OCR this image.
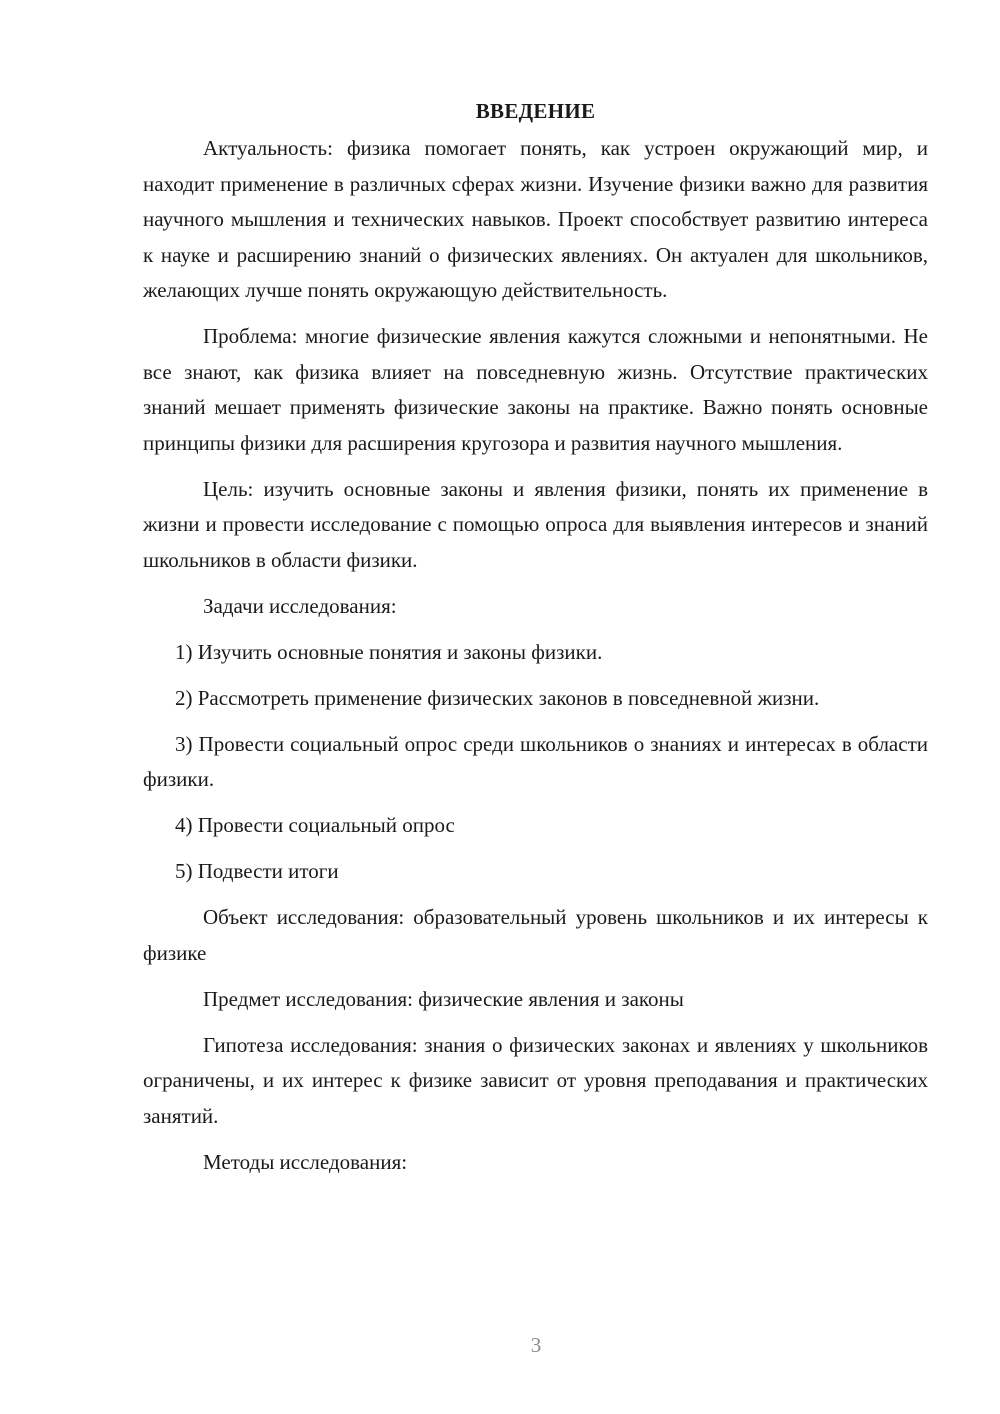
ВВЕДЕНИЕ

Актуальность: физика помогает понять, как устроен окружающий мир, и находит применение в различных сферах жизни. Изучение физики важно для развития научного мышления и технических навыков. Проект способствует развитию интереса к науке и расширению знаний о физических явлениях. Он актуален для школьников, желающих лучше понять окружающую действительность.

Проблема: многие физические явления кажутся сложными и непонятными. Не все знают, как физика влияет на повседневную жизнь. Отсутствие практических знаний мешает применять физические законы на практике. Важно понять основные принципы физики для расширения кругозора и развития научного мышления.

Цель: изучить основные законы и явления физики, понять их применение в жизни и провести исследование с помощью опроса для выявления интересов и знаний школьников в области физики.

Задачи исследования:

1) Изучить основные понятия и законы физики.

2) Рассмотреть применение физических законов в повседневной жизни.

3) Провести социальный опрос среди школьников о знаниях и интересах в области физики.

4) Провести социальный опрос

5) Подвести итоги

Объект исследования: образовательный уровень школьников и их интересы к физике

Предмет исследования: физические явления и законы

Гипотеза исследования: знания о физических законах и явлениях у школьников ограничены, и их интерес к физике зависит от уровня преподавания и практических занятий.

Методы исследования:

3
